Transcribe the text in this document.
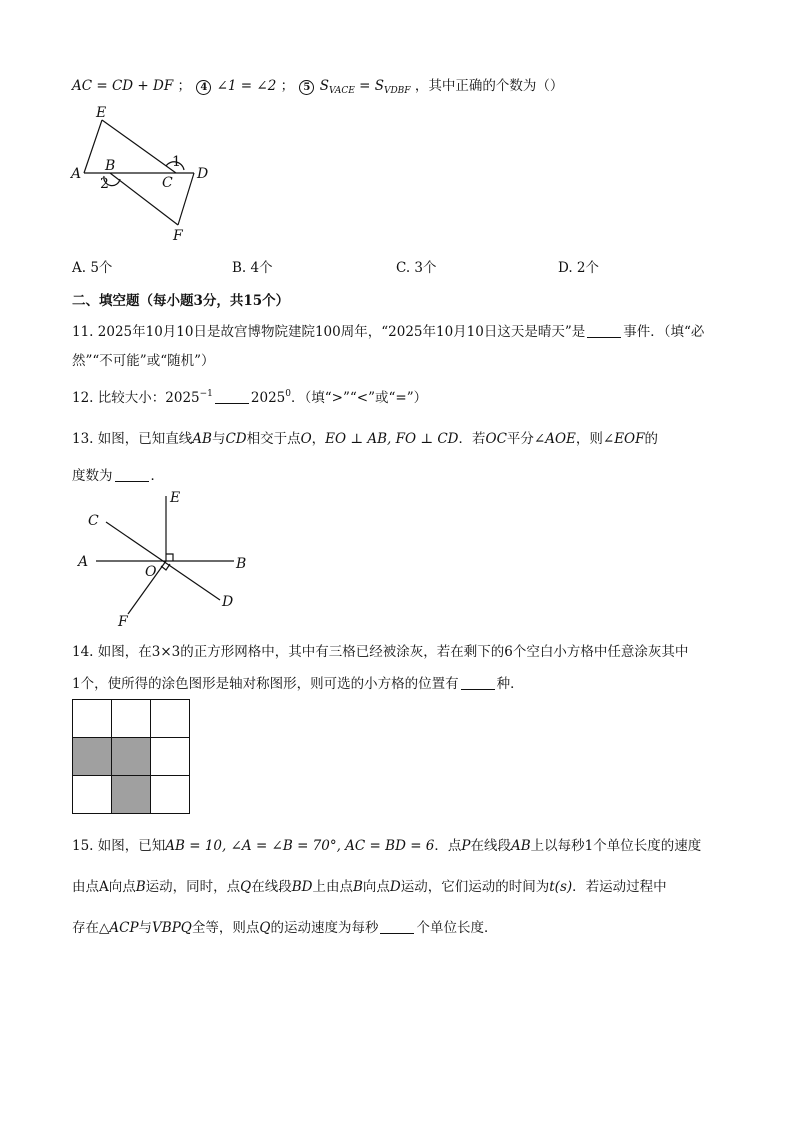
AC = CD + DF ； 4 ∠1 = ∠2 ； 5 $S_{VACE} = S_{VDBF}$ ，其中正确的个数为（）
E
A B
C
D
F
1
2
A. 5个	B. 4个	C. 3个	D. 2个
二、填空题（每小题3分，共15个）
11. 2025年10月10日是故宫博物院建院100周年，“2025年10月10日这天是晴天”是	事件．（填“必
然”“不可能”或“随机”）
12. 比较大小：$2025^{-1}$	2025$^0$．（填“>”“<”或“=”）
13. 如图，已知直线AB与CD相交于点O，EO ⊥ AB, FO ⊥ CD．若OC平分∠AOE，则∠EOF的
度数为	．
E
C
A
O	B
D
F
14. 如图，在3×3的正方形网格中，其中有三格已经被涂灰，若在剩下的6个空白小方格中任意涂灰其中
1个，使所得的涂色图形是轴对称图形，则可选的小方格的位置有	种．
15. 如图，已知AB = 10, ∠A = ∠B = 70°, AC = BD = 6．点P在线段AB上以每秒1个单位长度的速度
由点A向点B运动，同时，点Q在线段BD上由点B向点D运动，它们运动的时间为t(s)．若运动过程中
存在△ACP与VBPQ全等，则点Q的运动速度为每秒	个单位长度．
